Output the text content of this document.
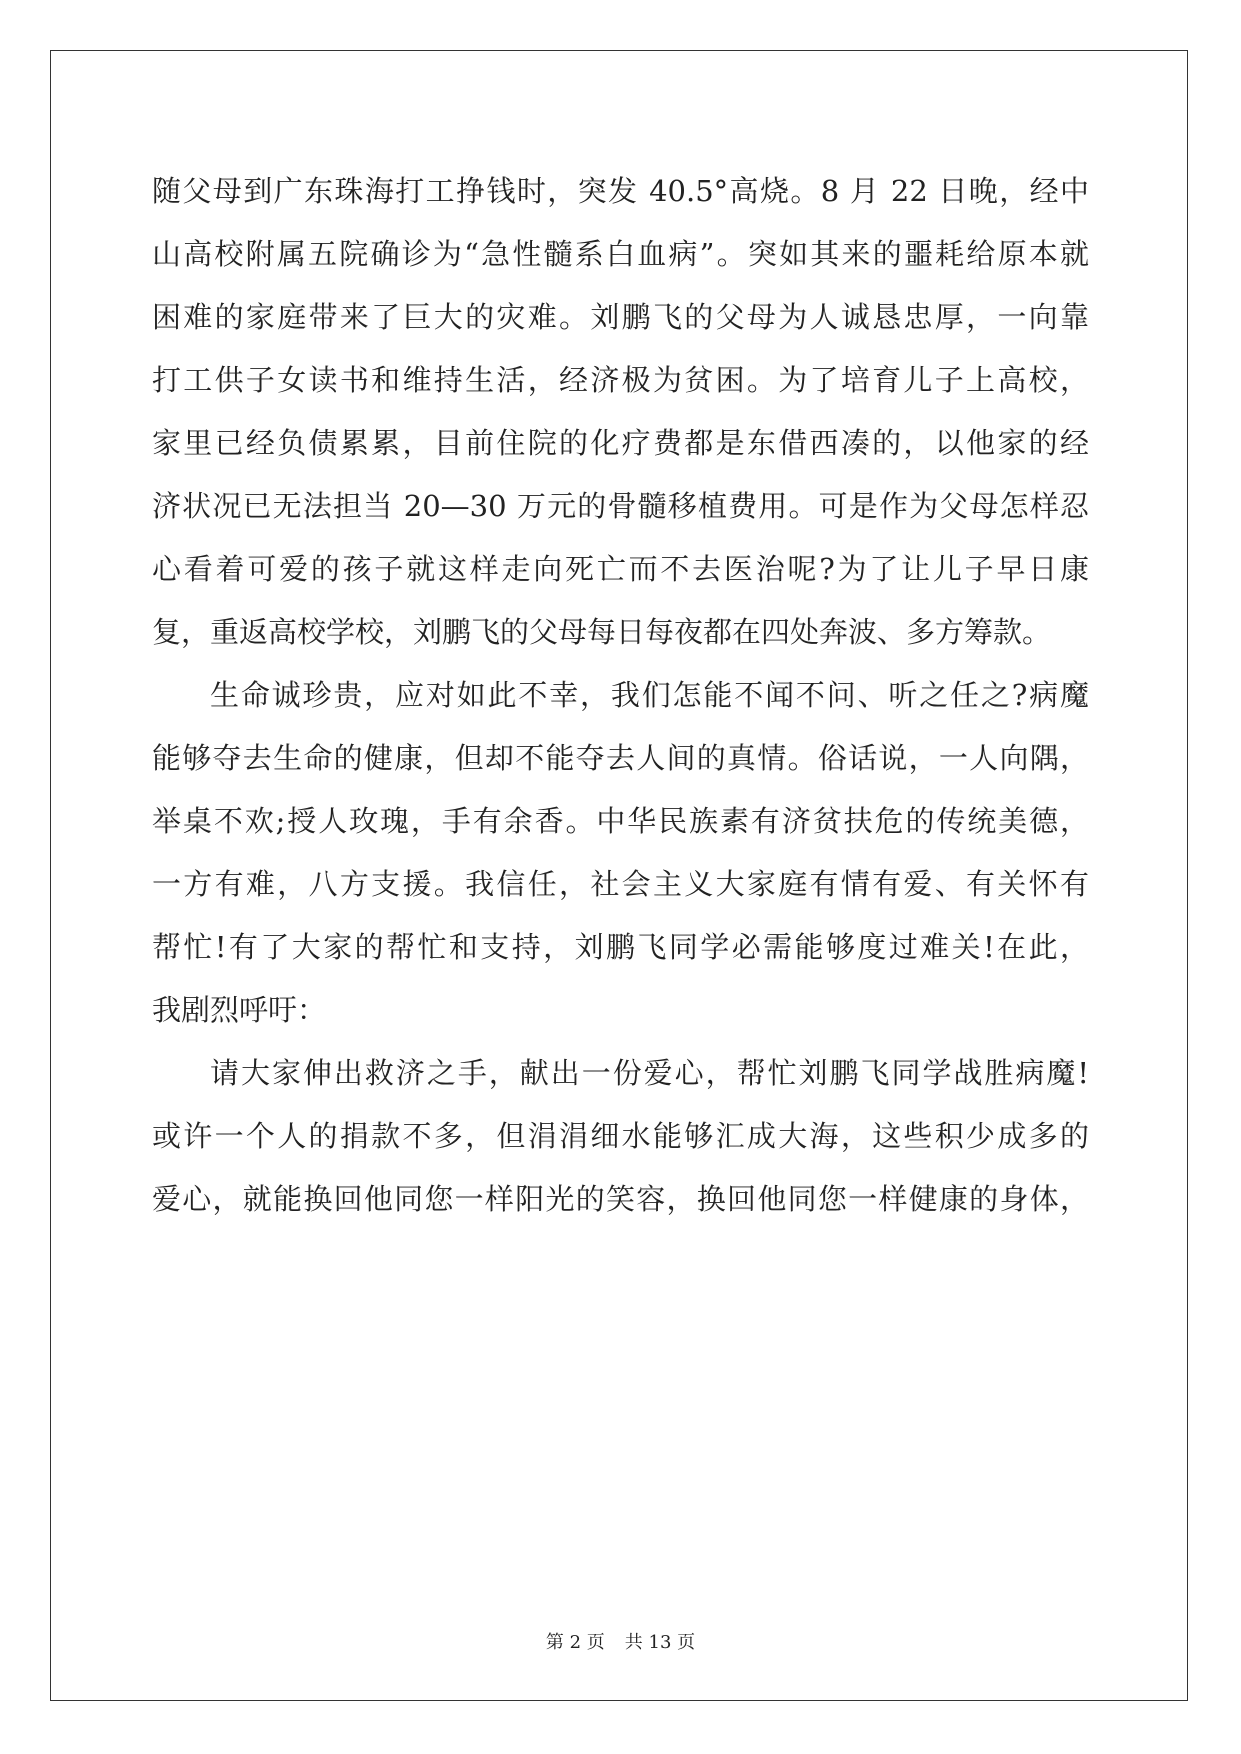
随父母到广东珠海打工挣钱时，突发 40.5°高烧。8 月 22 日晚，经中
山高校附属五院确诊为“急性髓系白血病”。突如其来的噩耗给原本就
困难的家庭带来了巨大的灾难。刘鹏飞的父母为人诚恳忠厚，一向靠
打工供子女读书和维持生活，经济极为贫困。为了培育儿子上高校，
家里已经负债累累，目前住院的化疗费都是东借西凑的，以他家的经
济状况已无法担当 20—30 万元的骨髓移植费用。可是作为父母怎样忍
心看着可爱的孩子就这样走向死亡而不去医治呢?为了让儿子早日康
复，重返高校学校，刘鹏飞的父母每日每夜都在四处奔波、多方筹款。
生命诚珍贵，应对如此不幸，我们怎能不闻不问、听之任之?病魔
能够夺去生命的健康，但却不能夺去人间的真情。俗话说，一人向隅，
举桌不欢;授人玫瑰，手有余香。中华民族素有济贫扶危的传统美德，
一方有难，八方支援。我信任，社会主义大家庭有情有爱、有关怀有
帮忙!有了大家的帮忙和支持，刘鹏飞同学必需能够度过难关!在此，
我剧烈呼吁：
请大家伸出救济之手，献出一份爱心，帮忙刘鹏飞同学战胜病魔!
或许一个人的捐款不多，但涓涓细水能够汇成大海，这些积少成多的
爱心，就能换回他同您一样阳光的笑容，换回他同您一样健康的身体，
第 2 页 共 13 页
